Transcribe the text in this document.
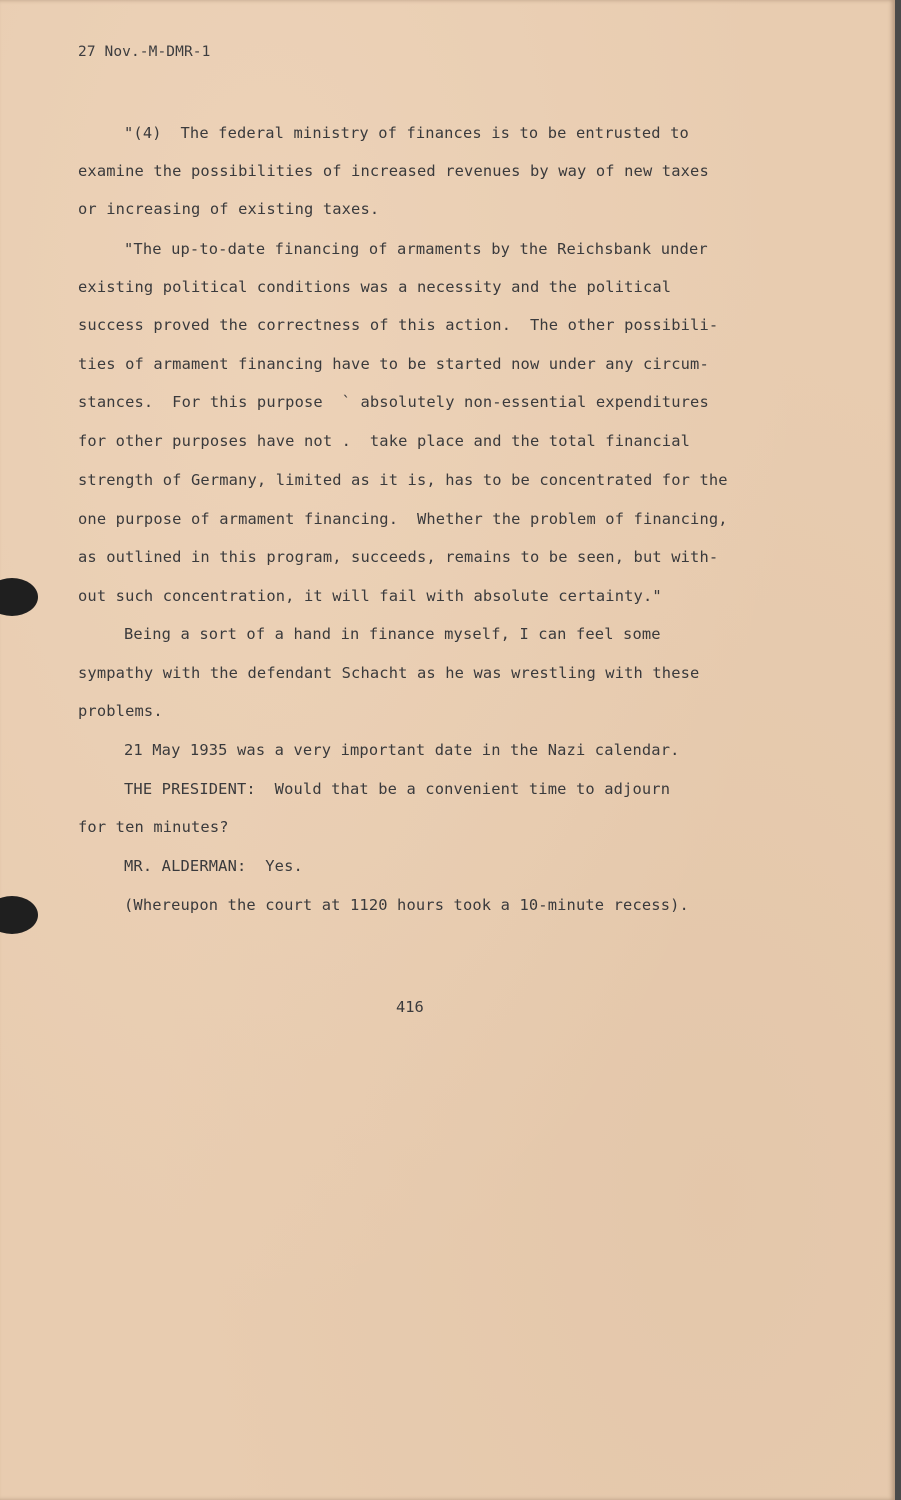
27 Nov.-M-DMR-1
"(4)  The federal ministry of finances is to be entrusted to
examine the possibilities of increased revenues by way of new taxes
or increasing of existing taxes.
"The up-to-date financing of armaments by the Reichsbank under
existing political conditions was a necessity and the political
success proved the correctness of this action.  The other possibili-
ties of armament financing have to be started now under any circum-
stances.  For this purpose  ` absolutely non-essential expenditures
for other purposes have not .  take place and the total financial
strength of Germany, limited as it is, has to be concentrated for the
one purpose of armament financing.  Whether the problem of financing,
as outlined in this program, succeeds, remains to be seen, but with-
out such concentration, it will fail with absolute certainty."
Being a sort of a hand in finance myself, I can feel some
sympathy with the defendant Schacht as he was wrestling with these
problems.
21 May 1935 was a very important date in the Nazi calendar.
THE PRESIDENT:  Would that be a convenient time to adjourn
for ten minutes?
MR. ALDERMAN:  Yes.
(Whereupon the court at 1120 hours took a 10-minute recess).
416
